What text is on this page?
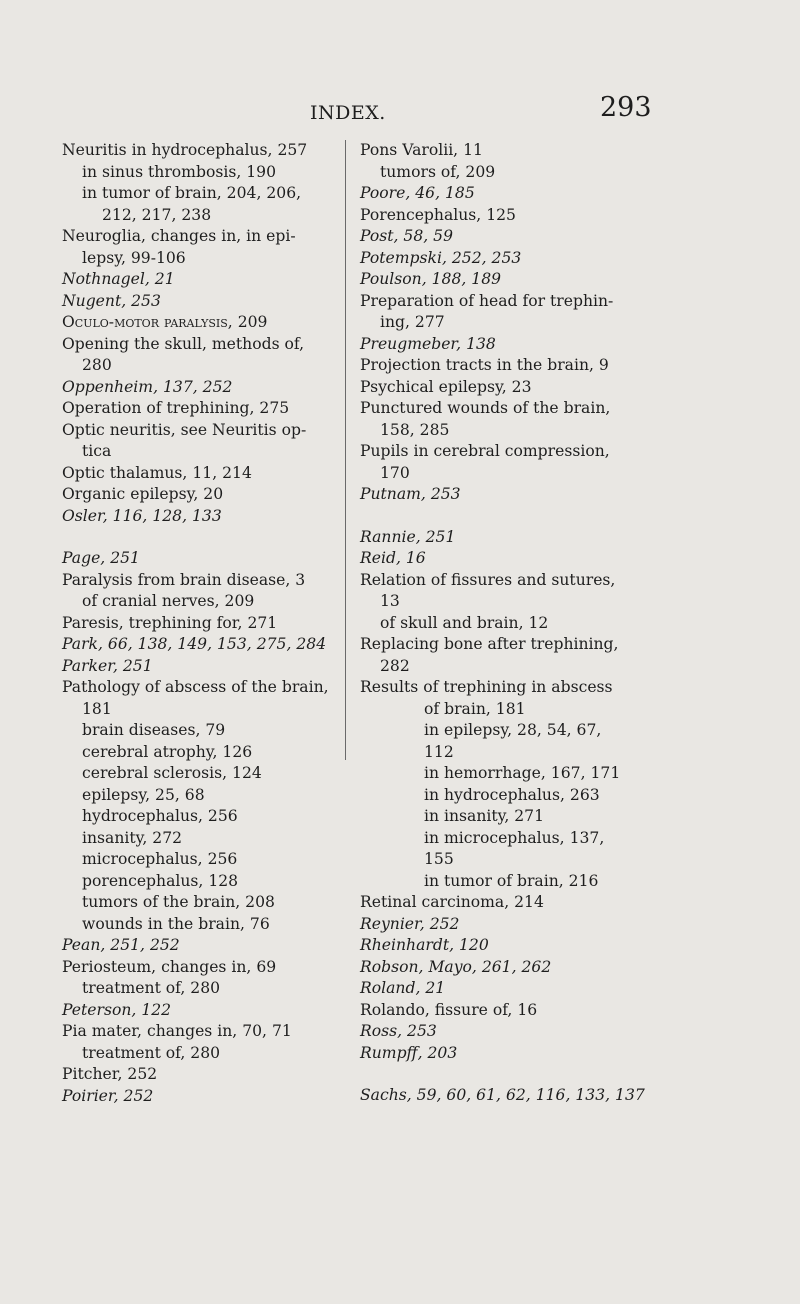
INDEX.	293
Neuritis in hydrocephalus, 257
in sinus thrombosis, 190
in tumor of brain, 204, 206,
212, 217, 238
Neuroglia, changes in, in epi-
lepsy, 99-106
Nothnagel, 21
Nugent, 253
Oculo-motor paralysis, 209
Opening the skull, methods of,
280
Oppenheim, 137, 252
Operation of trephining, 275
Optic neuritis, see Neuritis op-
tica
Optic thalamus, 11, 214
Organic epilepsy, 20
Osler, 116, 128, 133
Page, 251
Paralysis from brain disease, 3
of cranial nerves, 209
Paresis, trephining for, 271
Park, 66, 138, 149, 153, 275, 284
Parker, 251
Pathology of abscess of the brain,
181
brain diseases, 79
cerebral atrophy, 126
cerebral sclerosis, 124
epilepsy, 25, 68
hydrocephalus, 256
insanity, 272
microcephalus, 256
porencephalus, 128
tumors of the brain, 208
wounds in the brain, 76
Pean, 251, 252
Periosteum, changes in, 69
treatment of, 280
Peterson, 122
Pia mater, changes in, 70, 71
treatment of, 280
Pitcher, 252
Poirier, 252
Pons Varolii, 11
tumors of, 209
Poore, 46, 185
Porencephalus, 125
Post, 58, 59
Potempski, 252, 253
Poulson, 188, 189
Preparation of head for trephin-
ing, 277
Preugmeber, 138
Projection tracts in the brain, 9
Psychical epilepsy, 23
Punctured wounds of the brain,
158, 285
Pupils in cerebral compression,
170
Putnam, 253
Rannie, 251
Reid, 16
Relation of fissures and sutures,
13
of skull and brain, 12
Replacing bone after trephining,
282
Results of trephining in abscess
of brain, 181
in epilepsy, 28, 54, 67,
112
in hemorrhage, 167, 171
in hydrocephalus, 263
in insanity, 271
in microcephalus, 137,
155
in tumor of brain, 216
Retinal carcinoma, 214
Reynier, 252
Rheinhardt, 120
Robson, Mayo, 261, 262
Roland, 21
Rolando, fissure of, 16
Ross, 253
Rumpff, 203
Sachs, 59, 60, 61, 62, 116, 133, 137
